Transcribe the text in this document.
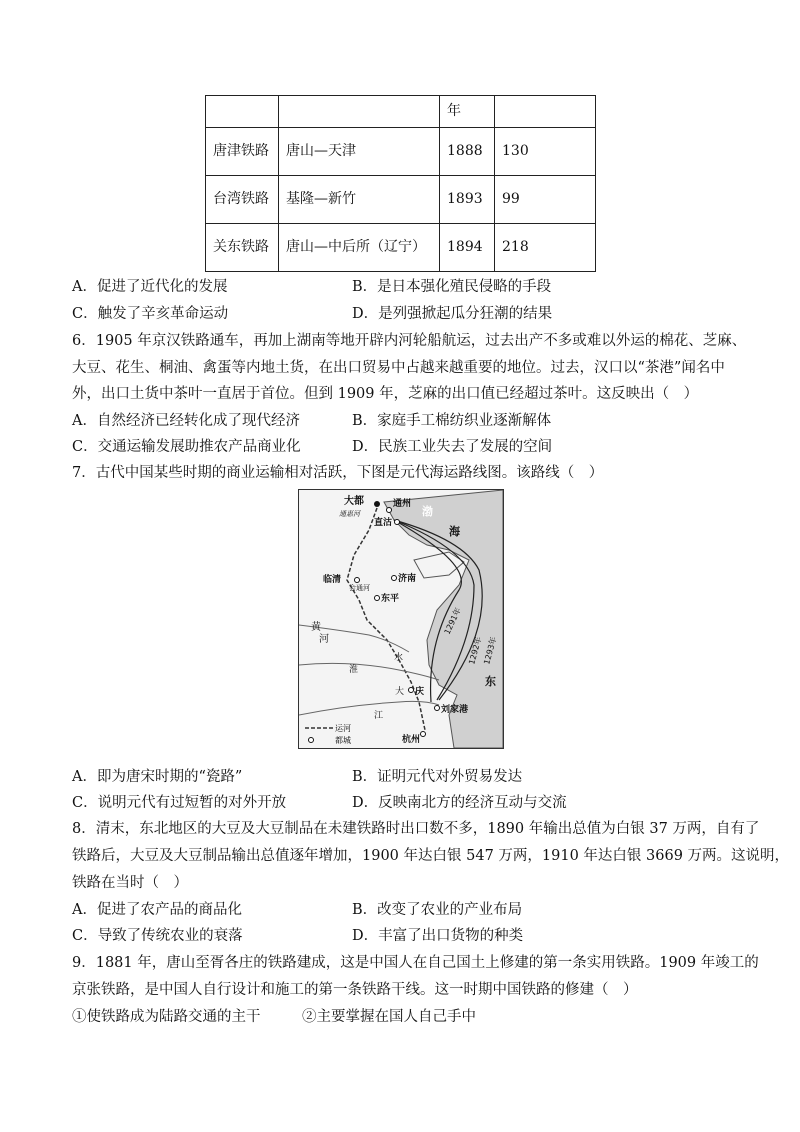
		年	
唐津铁路	唐山—天津	1888	130
台湾铁路	基隆—新竹	1893	99
关东铁路	唐山—中后所（辽宁）	1894	218
A．促进了近代化的发展	B．是日本强化殖民侵略的手段
C．触发了辛亥革命运动	D．是列强掀起瓜分狂潮的结果
6．1905 年京汉铁路通车，再加上湖南等地开辟内河轮船航运，过去出产不多或难以外运的棉花、芝麻、
大豆、花生、桐油、禽蛋等内地土货，在出口贸易中占越来越重要的地位。过去，汉口以“茶港”闻名中
外，出口土货中茶叶一直居于首位。但到 1909 年，芝麻的出口值已经超过茶叶。这反映出（　）
A．自然经济已经转化成了现代经济	B．家庭手工棉纺织业逐渐解体
C．交通运输发展助推农产品商业化	D．民族工业失去了发展的空间
7．古代中国某些时期的商业运输相对活跃，下图是元代海运路线图。该路线（　）
大都	通州
直沽
通惠河	渤
海
临清	济南
会通河
东平
黄
河
水
淮
江
大 庆
刘家港
杭州
1291年
1292年
1293年
东
运河
都城
A．即为唐宋时期的“瓷路”	B．证明元代对外贸易发达
C．说明元代有过短暂的对外开放	D．反映南北方的经济互动与交流
8．清末，东北地区的大豆及大豆制品在未建铁路时出口数不多，1890 年输出总值为白银 37 万两，自有了
铁路后，大豆及大豆制品输出总值逐年增加，1900 年达白银 547 万两，1910 年达白银 3669 万两。这说明，
铁路在当时（　）
A．促进了农产品的商品化	B．改变了农业的产业布局
C．导致了传统农业的衰落	D．丰富了出口货物的种类
9．1881 年，唐山至胥各庄的铁路建成，这是中国人在自己国土上修建的第一条实用铁路。1909 年竣工的
京张铁路，是中国人自行设计和施工的第一条铁路干线。这一时期中国铁路的修建（　）
①使铁路成为陆路交通的主干	②主要掌握在国人自己手中
